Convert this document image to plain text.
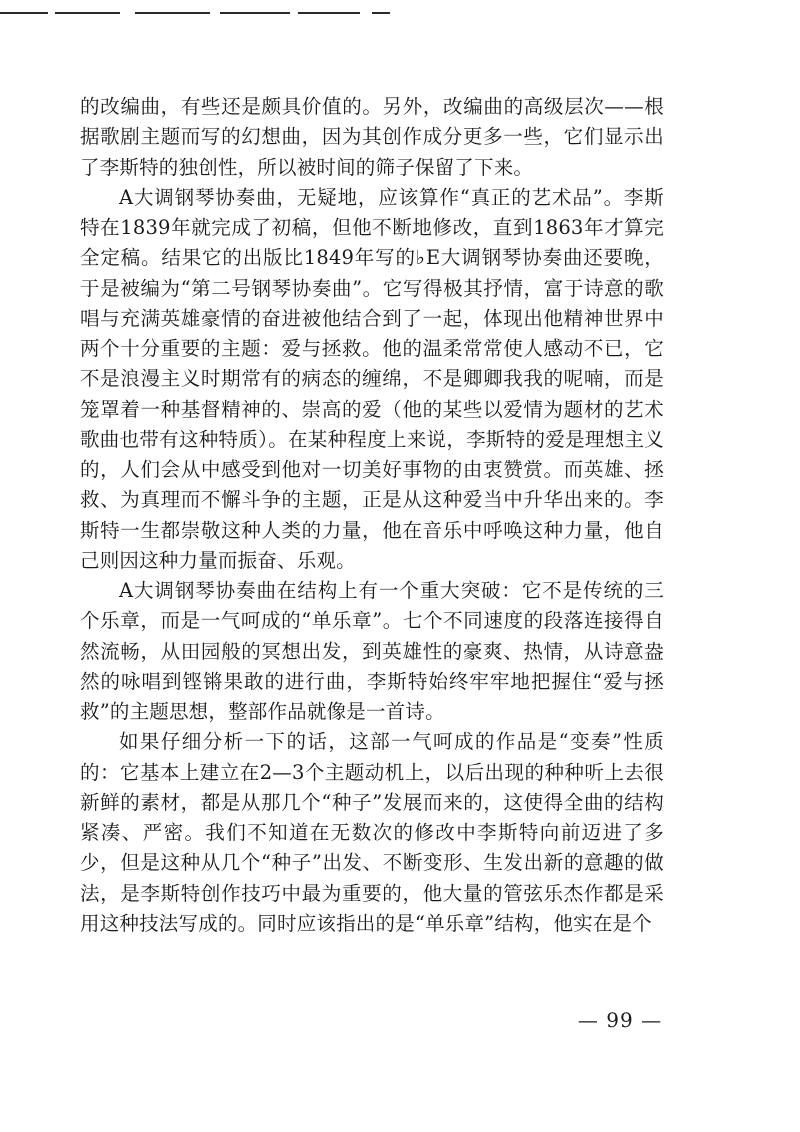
的改编曲，有些还是颇具价值的。另外，改编曲的高级层次——根据歌剧主题而写的幻想曲，因为其创作成分更多一些，它们显示出了李斯特的独创性，所以被时间的筛子保留了下来。

A大调钢琴协奏曲，无疑地，应该算作“真正的艺术品”。李斯特在1839年就完成了初稿，但他不断地修改，直到1863年才算完全定稿。结果它的出版比1849年写的♭E大调钢琴协奏曲还要晚，于是被编为“第二号钢琴协奏曲”。它写得极其抒情，富于诗意的歌唱与充满英雄豪情的奋进被他结合到了一起，体现出他精神世界中两个十分重要的主题：爱与拯救。他的温柔常常使人感动不已，它不是浪漫主义时期常有的病态的缠绵，不是卿卿我我的呢喃，而是笼罩着一种基督精神的、崇高的爱（他的某些以爱情为题材的艺术歌曲也带有这种特质）。在某种程度上来说，李斯特的爱是理想主义的，人们会从中感受到他对一切美好事物的由衷赞赏。而英雄、拯救、为真理而不懈斗争的主题，正是从这种爱当中升华出来的。李斯特一生都崇敬这种人类的力量，他在音乐中呼唤这种力量，他自己则因这种力量而振奋、乐观。

A大调钢琴协奏曲在结构上有一个重大突破：它不是传统的三个乐章，而是一气呵成的“单乐章”。七个不同速度的段落连接得自然流畅，从田园般的冥想出发，到英雄性的豪爽、热情，从诗意盎然的咏唱到铿锵果敢的进行曲，李斯特始终牢牢地把握住“爱与拯救”的主题思想，整部作品就像是一首诗。

如果仔细分析一下的话，这部一气呵成的作品是“变奏”性质的：它基本上建立在2—3个主题动机上，以后出现的种种听上去很新鲜的素材，都是从那几个“种子”发展而来的，这使得全曲的结构紧凑、严密。我们不知道在无数次的修改中李斯特向前迈进了多少，但是这种从几个“种子”出发、不断变形、生发出新的意趣的做法，是李斯特创作技巧中最为重要的，他大量的管弦乐杰作都是采用这种技法写成的。同时应该指出的是“单乐章”结构，他实在是个

— 99 —
